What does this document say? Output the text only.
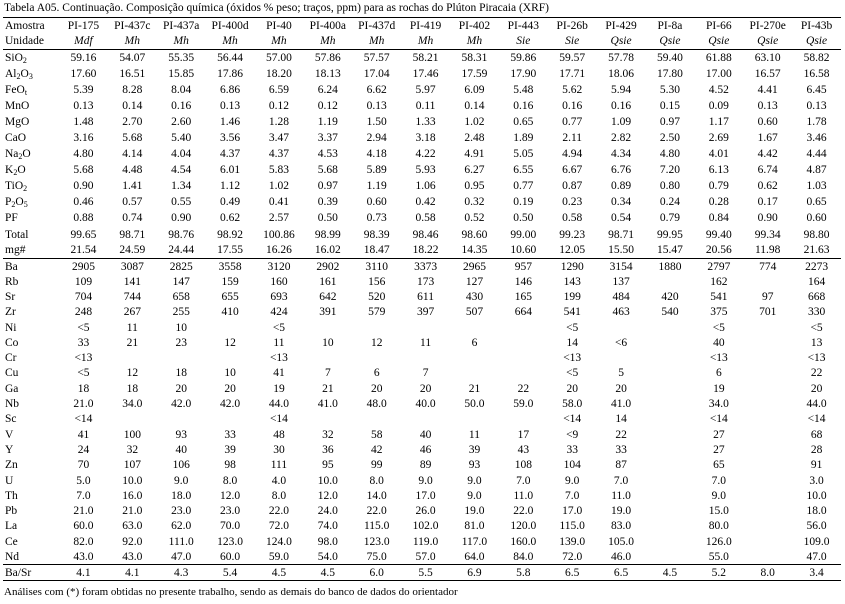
Tabela A05. Continuação. Composição química (óxidos % peso; traços, ppm) para as rochas do Plúton Piracaia (XRF)
Amostra	PI-175	PI-437c	PI-437a	PI-400d	PI-40	PI-400a	PI-437d	PI-419	PI-402	PI-443	PI-26b	PI-429	PI-8a	PI-66	PI-270e	PI-43b
Unidade	Mdf	Mh	Mh	Mh	Mh	Mh	Mh	Mh	Mh	Sie	Sie	Qsie	Qsie	Qsie	Qsie	Qsie
SiO$_2$	59.16	54.07	55.35	56.44	57.00	57.86	57.57	58.21	58.31	59.86	59.57	57.78	59.40	61.88	63.10	58.82
$Al_2O_3$	17.60	16.51	15.85	17.86	18.20	18.13	17.04	17.46	17.59	17.90	17.71	18.06	17.80	17.00	16.57	16.58
FeO$_t$	5.39	8.28	8.04	6.86	6.59	6.24	6.62	5.97	6.09	5.48	5.62	5.94	5.30	4.52	4.41	6.45
MnO	0.13	0.14	0.16	0.13	0.12	0.12	0.13	0.11	0.14	0.16	0.16	0.16	0.15	0.09	0.13	0.13
MgO	1.48	2.70	2.60	1.46	1.28	1.19	1.50	1.33	1.02	0.65	0.77	1.09	0.97	1.17	0.60	1.78
CaO	3.16	5.68	5.40	3.56	3.47	3.37	2.94	3.18	2.48	1.89	2.11	2.82	2.50	2.69	1.67	3.46
$Na_2O$	4.80	4.14	4.04	4.37	4.37	4.53	4.18	4.22	4.91	5.05	4.94	4.34	4.80	4.01	4.42	4.44
$K_2O$	5.68	4.48	4.54	6.01	5.83	5.68	5.89	5.93	6.27	6.55	6.67	6.76	7.20	6.13	6.74	4.87
TiO$_2$	0.90	1.41	1.34	1.12	1.02	0.97	1.19	1.06	0.95	0.77	0.87	0.89	0.80	0.79	0.62	1.03
$P_2O_5$	0.46	0.57	0.55	0.49	0.41	0.39	0.60	0.42	0.32	0.19	0.23	0.34	0.24	0.28	0.17	0.65
PF	0.88	0.74	0.90	0.62	2.57	0.50	0.73	0.58	0.52	0.50	0.58	0.54	0.79	0.84	0.90	0.60
Total	99.65	98.71	98.76	98.92	100.86	98.99	98.39	98.46	98.60	99.00	99.23	98.71	99.95	99.40	99.34	98.80
mg#	21.54	24.59	24.44	17.55	16.26	16.02	18.47	18.22	14.35	10.60	12.05	15.50	15.47	20.56	11.98	21.63
Ba	2905	3087	2825	3558	3120	2902	3110	3373	2965	957	1290	3154	1880	2797	774	2273
Rb	109	141	147	159	160	161	156	173	127	146	143	137		162		164
Sr	704	744	658	655	693	642	520	611	430	165	199	484	420	541	97	668
Zr	248	267	255	410	424	391	579	397	507	664	541	463	540	375	701	330
Ni	<5	11	10		<5						<5			<5		<5
Co	33	21	23	12	11	10	12	11	6		14	<6		40		13
Cr	<13				<13						<13			<13		<13
Cu	<5	12	18	10	41	7	6	7			<5	5		6		22
Ga	18	18	20	20	19	21	20	20	21	22	20	20		19		20
Nb	21.0	34.0	42.0	42.0	44.0	41.0	48.0	40.0	50.0	59.0	58.0	41.0		34.0		44.0
Sc	<14				<14						<14	14		<14		<14
V	41	100	93	33	48	32	58	40	11	17	<9	22		27		68
Y	24	32	40	39	30	36	42	46	39	43	33	33		27		28
Zn	70	107	106	98	111	95	99	89	93	108	104	87		65		91
U	5.0	10.0	9.0	8.0	4.0	10.0	8.0	9.0	9.0	7.0	9.0	7.0		7.0		3.0
Th	7.0	16.0	18.0	12.0	8.0	12.0	14.0	17.0	9.0	11.0	7.0	11.0		9.0		10.0
Pb	21.0	21.0	23.0	23.0	22.0	24.0	22.0	26.0	19.0	22.0	17.0	19.0		15.0		18.0
La	60.0	63.0	62.0	70.0	72.0	74.0	115.0	102.0	81.0	120.0	115.0	83.0		80.0		56.0
Ce	82.0	92.0	111.0	123.0	124.0	98.0	123.0	119.0	117.0	160.0	139.0	105.0		126.0		109.0
Nd	43.0	43.0	47.0	60.0	59.0	54.0	75.0	57.0	64.0	84.0	72.0	46.0		55.0		47.0
Ba/Sr	4.1	4.1	4.3	5.4	4.5	4.5	6.0	5.5	6.9	5.8	6.5	6.5	4.5	5.2	8.0	3.4
Análises com (*) foram obtidas no presente trabalho, sendo as demais do banco de dados do orientador
